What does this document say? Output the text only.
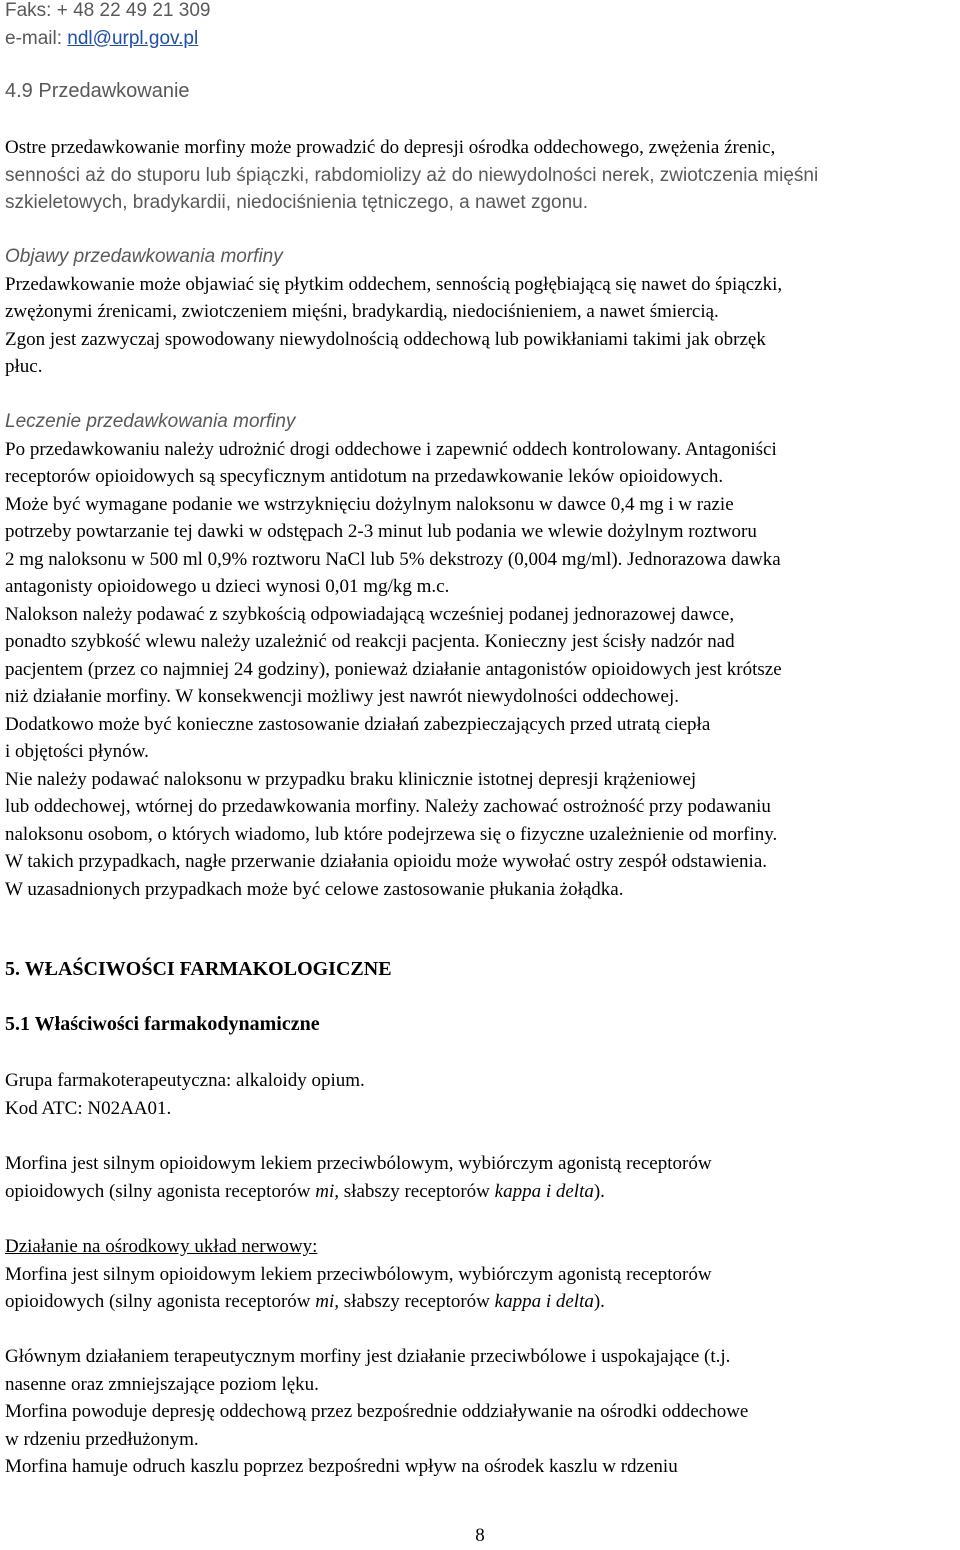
Faks: + 48 22 49 21 309
e-mail: ndl@urpl.gov.pl
4.9 Przedawkowanie
Ostre przedawkowanie morfiny może prowadzić do depresji ośrodka oddechowego, zwężenia źrenic,
senności aż do stuporu lub śpiączki, rabdomiolizy aż do niewydolności nerek, zwiotczenia mięśni
szkieletowych, bradykardii, niedociśnienia tętniczego, a nawet zgonu.
Objawy przedawkowania morfiny
Przedawkowanie może objawiać się płytkim oddechem, sennością pogłębiającą się nawet do śpiączki,
zwężonymi źrenicami, zwiotczeniem mięśni, bradykardią, niedociśnieniem, a nawet śmiercią.
Zgon jest zazwyczaj spowodowany niewydolnością oddechową lub powikłaniami takimi jak obrzęk
płuc.
Leczenie przedawkowania morfiny
Po przedawkowaniu należy udrożnić drogi oddechowe i zapewnić oddech kontrolowany. Antagoniści
receptorów opioidowych są specyficznym antidotum na przedawkowanie leków opioidowych.
Może być wymagane podanie we wstrzyknięciu dożylnym naloksonu w dawce 0,4 mg i w razie
potrzeby powtarzanie tej dawki w odstępach 2-3 minut lub podania we wlewie dożylnym roztworu
2 mg naloksonu w 500 ml 0,9% roztworu NaCl lub 5% dekstrozy (0,004 mg/ml). Jednorazowa dawka
antagonisty opioidowego u dzieci wynosi 0,01 mg/kg m.c.
Nalokson należy podawać z szybkością odpowiadającą wcześniej podanej jednorazowej dawce,
ponadto szybkość wlewu należy uzależnić od reakcji pacjenta. Konieczny jest ścisły nadzór nad
pacjentem (przez co najmniej 24 godziny), ponieważ działanie antagonistów opioidowych jest krótsze
niż działanie morfiny. W konsekwencji możliwy jest nawrót niewydolności oddechowej.
Dodatkowo może być konieczne zastosowanie działań zabezpieczających przed utratą ciepła
i objętości płynów.
Nie należy podawać naloksonu w przypadku braku klinicznie istotnej depresji krążeniowej
lub oddechowej, wtórnej do przedawkowania morfiny. Należy zachować ostrożność przy podawaniu
naloksonu osobom, o których wiadomo, lub które podejrzewa się o fizyczne uzależnienie od morfiny.
W takich przypadkach, nagłe przerwanie działania opioidu może wywołać ostry zespół odstawienia.
W uzasadnionych przypadkach może być celowe zastosowanie płukania żołądka.
5. WŁAŚCIWOŚCI FARMAKOLOGICZNE
5.1 Właściwości farmakodynamiczne
Grupa farmakoterapeutyczna: alkaloidy opium.
Kod ATC: N02AA01.
Morfina jest silnym opioidowym lekiem przeciwbólowym, wybiórczym agonistą receptorów
opioidowych (silny agonista receptorów mi, słabszy receptorów kappa i delta).
Działanie na ośrodkowy układ nerwowy:
Morfina jest silnym opioidowym lekiem przeciwbólowym, wybiórczym agonistą receptorów
opioidowych (silny agonista receptorów mi, słabszy receptorów kappa i delta).
Głównym działaniem terapeutycznym morfiny jest działanie przeciwbólowe i uspokajające (t.j.
nasenne oraz zmniejszające poziom lęku.
Morfina powoduje depresję oddechową przez bezpośrednie oddziaływanie na ośrodki oddechowe
w rdzeniu przedłużonym.
Morfina hamuje odruch kaszlu poprzez bezpośredni wpływ na ośrodek kaszlu w rdzeniu
8
